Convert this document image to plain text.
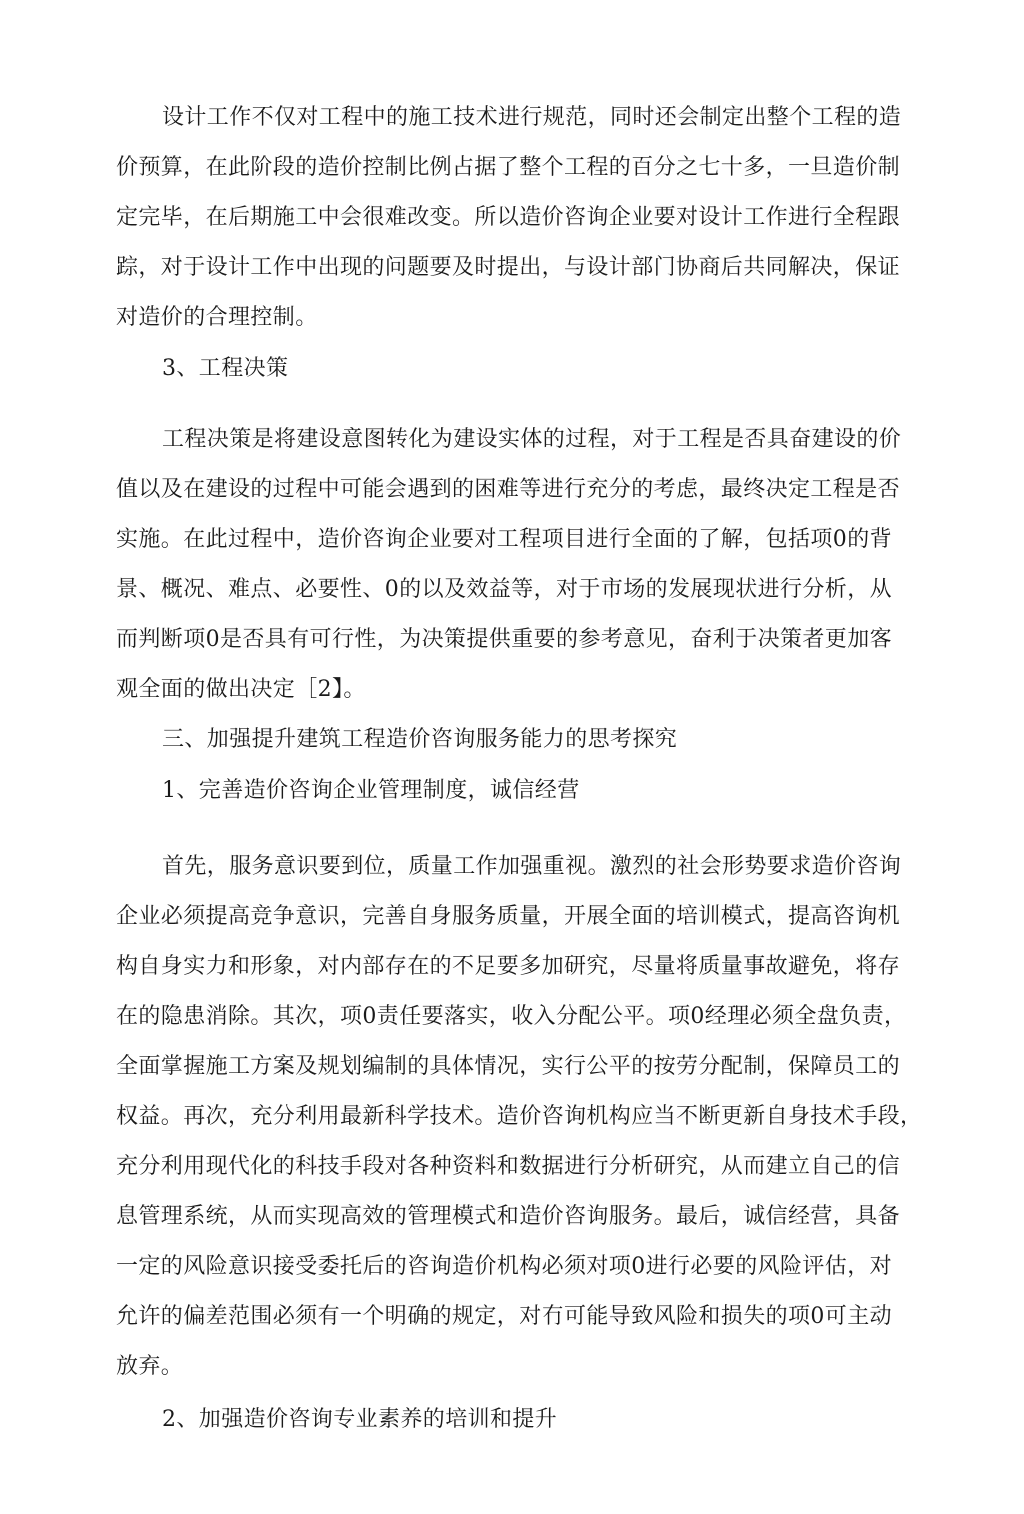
设计工作不仅对工程中的施工技术进行规范，同时还会制定出整个工程的造
价预算，在此阶段的造价控制比例占据了整个工程的百分之七十多，一旦造价制
定完毕，在后期施工中会很难改变。所以造价咨询企业要对设计工作进行全程跟
踪，对于设计工作中出现的问题要及时提出，与设计部门协商后共同解决，保证
对造价的合理控制。
3、工程决策
工程决策是将建设意图转化为建设实体的过程，对于工程是否具奋建设的价
值以及在建设的过程中可能会遇到的困难等进行充分的考虑，最终决定工程是否
实施。在此过程中，造价咨询企业要对工程项目进行全面的了解，包括项0的背
景、概况、难点、必要性、0的以及效益等，对于市场的发展现状进行分析，从
而判断项0是否具有可行性，为决策提供重要的参考意见，奋利于决策者更加客
观全面的做出决定［2】。
三、加强提升建筑工程造价咨询服务能力的思考探究
1、完善造价咨询企业管理制度，诚信经营
首先，服务意识要到位，质量工作加强重视。激烈的社会形势要求造价咨询
企业必须提高竞争意识，完善自身服务质量，开展全面的培训模式，提高咨询机
构自身实力和形象，对内部存在的不足要多加研究，尽量将质量事故避免，将存
在的隐患消除。其次，项0责任要落实，收入分配公平。项0经理必须全盘负责，
全面掌握施工方案及规划编制的具体情况，实行公平的按劳分配制，保障员工的
权益。再次，充分利用最新科学技术。造价咨询机构应当不断更新自身技术手段，
充分利用现代化的科技手段对各种资料和数据进行分析研究，从而建立自己的信
息管理系统，从而实现高效的管理模式和造价咨询服务。最后，诚信经营，具备
一定的风险意识接受委托后的咨询造价机构必须对项0进行必要的风险评估，对
允许的偏差范围必须有一个明确的规定，对冇可能导致风险和损失的项0可主动
放弃。
2、加强造价咨询专业素养的培训和提升
